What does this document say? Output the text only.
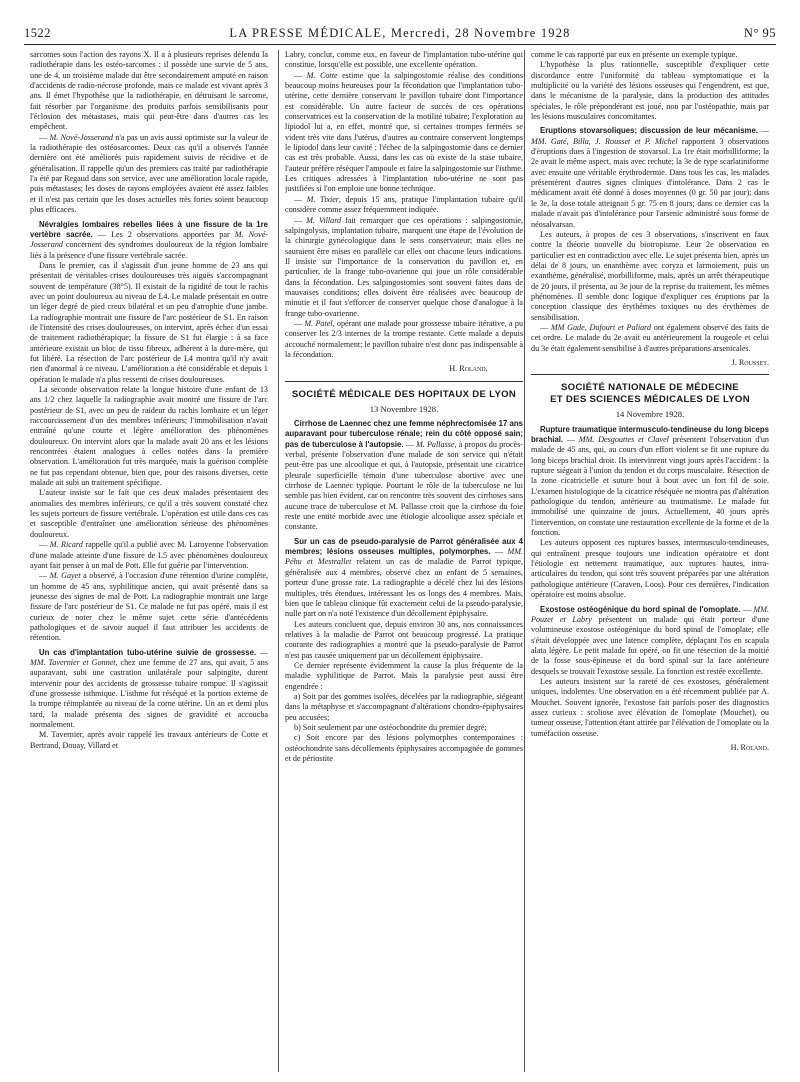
1522	LA PRESSE MÉDICALE, Mercredi, 28 Novembre 1928	N° 95

sarcomes sous l'action des rayons X. Il a à plusieurs reprises défendu la radiothérapie dans les ostéo-sarcomes : il possède une survie de 5 ans, une de 4, un troisième malade dut être secondairement amputé en raison d'accidents de radio-nécrose profonde, mais ce malade est vivant après 3 ans. Il émet l'hypothèse que la radiothérapie, en détruisant le sarcome, fait résorber par l'organisme des produits parfois sensibilisants pour l'éclosion des métastases, mais qui peut-être dans d'autres cas les empêchent.

— M. Nové-Josserand n'a pas un avis aussi optimiste sur la valeur de la radiothérapie des ostéosarcomes. Deux cas qu'il a observés l'année dernière ont été améliorés puis rapidement suivis de récidive et de généralisation. Il rappelle qu'un des premiers cas traité par radiothérapie l'a été par Regaud dans son service, avec une amélioration locale rapide, puis métastases; les doses de rayons employées avaient été assez faibles et il n'est pas certain que les doses actuelles très fortes soient beaucoup plus efficaces.

Névralgies lombaires rebelles liées à une fissure de la 1re vertèbre sacrée. — Les 2 observations apportées par M. Nové-Josserand concernent des syndromes douloureux de la région lombaire liés à la présence d'une fissure vertébrale sacrée.

Dans le premier, cas il s'agissait d'un jeune homme de 23 ans qui présentait de véritables crises douloureuses très aiguës s'accompagnant souvent de température (38°5). Il existait de la rigidité de tout le rachis avec un point douloureux au niveau de L4. Le malade présentait en outre un léger degré de pied creux bilatéral et un peu d'atrophie d'une jambe. La radiographie montrait une fissure de l'arc postérieur de S1. En raison de l'intensité des crises douloureuses, on intervint, après échec d'un essai de traitement radiothérapique; la fissure de S1 fut élargie : à sa face antérieure existait un bloc de tissu fibreux, adhérent à la dure-mère, qui fut libéré. La résection de l'arc postérieur de L4 montra qu'il n'y avait rien d'anormal à ce niveau. L'amélioration a été considérable et depuis 1 opération le malade n'a plus ressenti de crises douloureuses.

La seconde observation relate la longue histoire d'une enfant de 13 ans 1/2 chez laquelle la radiographie avait montré une fissure de l'arc postérieur de S1, avec un peu de raideur du rachis lombaire et un léger raccourcissement d'un des membres inférieurs; l'immobilisation n'avait entraîné qu'une courte et légère amélioration des phénomènes douloureux. On intervint alors que la malade avait 20 ans et les lésions rencontrées étaient analogues à celles notées dans la première observation. L'amélioration fut très marquée, mais la guérison complète ne fut pas cependant obtenue, bien que, pour des raisons diverses, cette malade ait subi un traitement spécifique.

L'auteur insiste sur le fait que ces deux malades présentaient des anomalies des membres inférieurs, ce qu'il a très souvent constaté chez les sujets porteurs de fissure vertébrale. L'opération est utile dans ces cas et susceptible d'entraîner une amélioration sérieuse des phénomènes douloureux.

— M. Ricard rappelle qu'il a publié avec M. Laroyenne l'observation d'une malade atteinte d'une fissure de L5 avec phénomènes douloureux ayant fait penser à un mal de Pott. Elle fut guérie par l'intervention.

— M. Gayet a observé, à l'occasion d'une rétention d'urine complète, un homme de 45 ans, syphilitique ancien, qui avait présenté dans sa jeunesse des signes de mal de Pott. La radiographie montrait une large fissure de l'arc postérieur de S1. Ce malade ne fut pas opéré, mais il est curieux de noter chez le même sujet cette série d'antécédents pathologiques et de savoir auquel il faut attribuer les accidents de rétention.

Un cas d'implantation tubo-utérine suivie de grossesse. — MM. Tavernier et Gonnet, chez une femme de 27 ans, qui avait, 5 ans auparavant, subi une castration unilatérale pour salpingite, durent intervenir pour des accidents de grossesse tubaire rompue. Il s'agissait d'une grossesse isthmique. L'isthme fut réséqué et la portion externe de la trompe réimplantée au niveau de la corne utérine. Un an et demi plus tard, la malade présenta des signes de gravidité et accoucha normalement.

M. Tavernier, après avoir rappelé les travaux antérieurs de Cotte et Bertrand, Douay, Villard et

Labry, conclut, comme eux, en faveur de l'implantation tubo-utérine qui constitue, lorsqu'elle est possible, une excellente opération.

— M. Cotte estime que la salpingostomie réalise des conditions beaucoup moins heureuses pour la fécondation que l'implantation tubo-utérine, cette dernière conservant le pavillon tubaire dont l'importance est considérable. Un autre facteur de succès de ces opérations conservatrices est la conservation de la motilité tubaire; l'exploration au lipiodol lui a, en effet, montré que, si certaines trompes fermées se vident très vite dans l'utérus, d'autres au contraire conservent longtemps le lipiodol dans leur cavité : l'échec de la salpingostomie dans ce dernier cas est très probable. Aussi, dans les cas où existe de la stase tubaire, l'auteur préfère réséquer l'ampoule et faire la salpingostomie sur l'isthme. Les critiques adressées à l'implantation tubo-utérine ne sont pas justifiées si l'on emploie une bonne technique.

— M. Tixier, depuis 15 ans, pratique l'implantation tubaire qu'il considère comme assez fréquemment indiquée.

— M. Villard fait remarquer que ces opérations : salpingostomie, salpingolysis, implantation tubaire, marquent une étape de l'évolution de la chirurgie gynécologique dans le sens conservateur; mais elles ne sauraient être mises en parallèle car elles ont chacune leurs indications. Il insiste sur l'importance de la conservation du pavillon et, en particulier, de la frange tubo-ovarienne qui joue un rôle considérable dans la fécondation. Les salpingostomies sont souvent faites dans de mauvaises conditions; elles doivent être réalisées avec beaucoup de minutie et il faut s'efforcer de conserver quelque chose d'analogue à la frange tubo-ovarienne.

— M. Patel, opérant une malade pour grossesse tubaire itérative, a pu conserver les 2/3 internes de la trompe restante. Cette malade a depuis accouché normalement; le pavillon tubaire n'est donc pas indispensable à la fécondation.

H. Roland.

SOCIÉTÉ MÉDICALE DES HOPITAUX DE LYON

13 Novembre 1928.

Cirrhose de Laennec chez une femme néphrectomisée 17 ans auparavant pour tuberculose rénale; rein du côté opposé sain; pas de tuberculose à l'autopsie. — M. Pallasse, à propos du procès-verbal, présente l'observation d'une malade de son service qui n'était peut-être pas une alcoolique et qui, à l'autopsie, présentait une cicatrice pleurale superficielle témoin d'une tuberculose abortive avec une cirrhose de Laennec typique. Pourtant le rôle de la tuberculose ne lui semble pas bien évident, car on rencontre très souvent des cirrhoses sans aucune trace de tuberculose et M. Pallasse croit que la cirrhose du foie reste une entité morbide avec une étiologie alcoolique assez spéciale et constante.

Sur un cas de pseudo-paralysie de Parrot généralisée aux 4 membres; lésions osseuses multiples, polymorphes. — MM. Péhu et Mestrallet relatent un cas de maladie de Parrot typique, généralisée aux 4 membres, observé chez un enfant de 5 semaines, porteur d'une grosse rate. La radiographie a décelé chez lui des lésions multiples, très étendues, intéressant les os longs des 4 membres. Mais, bien que le tableau clinique fût exactement celui de la pseudo-paralysie, nulle part on n'a noté l'existence d'un décollement épiphysaire.

Les auteurs concluent que, depuis environ 30 ans, nos connaissances relatives à la maladie de Parrot ont beaucoup progressé. La pratique courante des radiographies a montré que la pseudo-paralysie de Parrot n'est pas causée uniquement par un décollement épiphysaire.

Ce dernier représente évidemment la cause la plus fréquente de la maladie syphilitique de Parrot. Mais la paralysie peut aussi être engendrée :

a) Soit par des gommes isolées, décelées par la radiographie, siégeant dans la métaphyse et s'accompagnant d'altérations chondro-épiphysaires peu accusées;

b) Soit seulement par une ostéochondrite du premier degré;

c) Soit encore par des lésions polymorphes contemporaines : ostéochondrite sans décollements épiphysaires accompagnée de gommes et de périostite

comme le cas rapporté par eux en présente un exemple typique.

L'hypothèse la plus rationnelle, susceptible d'expliquer cette discordance entre l'uniformité du tableau symptomatique et la multiplicité ou la variété des lésions osseuses qui l'engendrent, est que, dans le mécanisme de la paralysie, dans la production des attitudes spéciales, le rôle prépondérant est joué, non par l'ostéopathie, mais par les lésions musculaires concomitantes.

Eruptions stovarsoliques; discussion de leur mécanisme. — MM. Gaté, Billa, J. Rousset et P. Michel rapportent 3 observations d'éruptions dues à l'ingestion de stovarsol. La 1re était morbilliforme; la 2e avait le même aspect, mais avec rechute; la 3e de type scarlatiniforme avec ensuite une véritable érythrodermie. Dans tous les cas, les malades présentèrent d'autres signes cliniques d'intolérance. Dans 2 cas le médicament avait été donné à doses moyennes (0 gr. 50 par jour); dans le 3e, la dose totale atteignait 5 gr. 75 en 8 jours; dans ce dernier cas la malade n'avait pas d'intolérance pour l'arsenic administré sous forme de néosalvarsan.

Les auteurs, à propos de ces 3 observations, s'inscrivent en faux contre la théorie nouvelle du biotropisme. Leur 2e observation en particulier est en contradiction avec elle. Le sujet présenta bien, après un délai de 8 jours, un enanthème avec coryza et larmoiement, puis un exanthème, généralisé, morbilliforme, mais, après un arrêt thérapeutique de 20 jours, il présenta, au 3e jour de la reprise du traitement, les mêmes phénomènes. Il semble donc logique d'expliquer ces éruptions par la conception classique des érythèmes toxiques ou des érythèmes de sensibilisation.

— MM Gade, Dufourt et Paliard ont également observé des faits de cet ordre. Le malade du 2e avait eu antérieurement la rougeole et celui du 3e était également sensibilisé à d'autres préparations arsenicales.

J. Rousset.

SOCIÉTÉ NATIONALE DE MÉDECINE

ET DES SCIENCES MÉDICALES DE LYON

14 Novembre 1928.

Rupture traumatique intermusculo-tendineuse du long biceps brachial. — MM. Desgouttes et Clavel présentent l'observation d'un malade de 45 ans, qui, au cours d'un effort violent se fit une rupture du long biceps brachial droit. Ils intervinrent vingt jours après l'accident : la rupture siégeait à l'union du tendon et du corps musculaire. Résection de la zone cicatricielle et suture bout à bout avec un fort fil de soie. L'examen histologique de la cicatrice réséquée ne montra pas d'altération pathologique du tendon, antérieure au traumatisme. Le malade fut immobilisé une quinzaine de jours. Actuellement, 40 jours après l'intervention, on constate une restauration excellente de la forme et de la fonction.

Les auteurs opposent ces ruptures basses, intermusculo-tendineuses, qui entraînent presque toujours une indication opératoire et dont l'étiologie est nettement traumatique, aux ruptures hautes, intra-articulaires du tendon, qui sont très souvent préparées par une altération pathologique antérieure (Caraven, Loos). Pour ces dernières, l'indication opératoire est moins absolue.

Exostose ostéogénique du bord spinal de l'omoplate. — MM. Pouzet et Labry présentent un malade qui était porteur d'une volumineuse exostose ostéogénique du bord spinal de l'omoplate; elle s'était développée avec une latence complète, déplaçant l'os en scapula alata légère. Le petit malade fut opéré, on fit une résection de la moitié de la fosse sous-épineuse et du bord spinal sur la face antérieure desquels se trouvait l'exostose sessile. La fonction est restée excellente.

Les auteurs insistent sur la rareté de ces exostoses, généralement uniques, indolentes. Une observation en a été récemment publiée par A. Mouchet. Souvent ignorée, l'exostose fait parfois poser des diagnostics assez curieux : scoliose avec élévation de l'omoplate (Mouchet), ou tumeur osseuse, l'attention étant attirée par l'élévation de l'omoplate ou la tuméfaction osseuse.

H. Roland.
